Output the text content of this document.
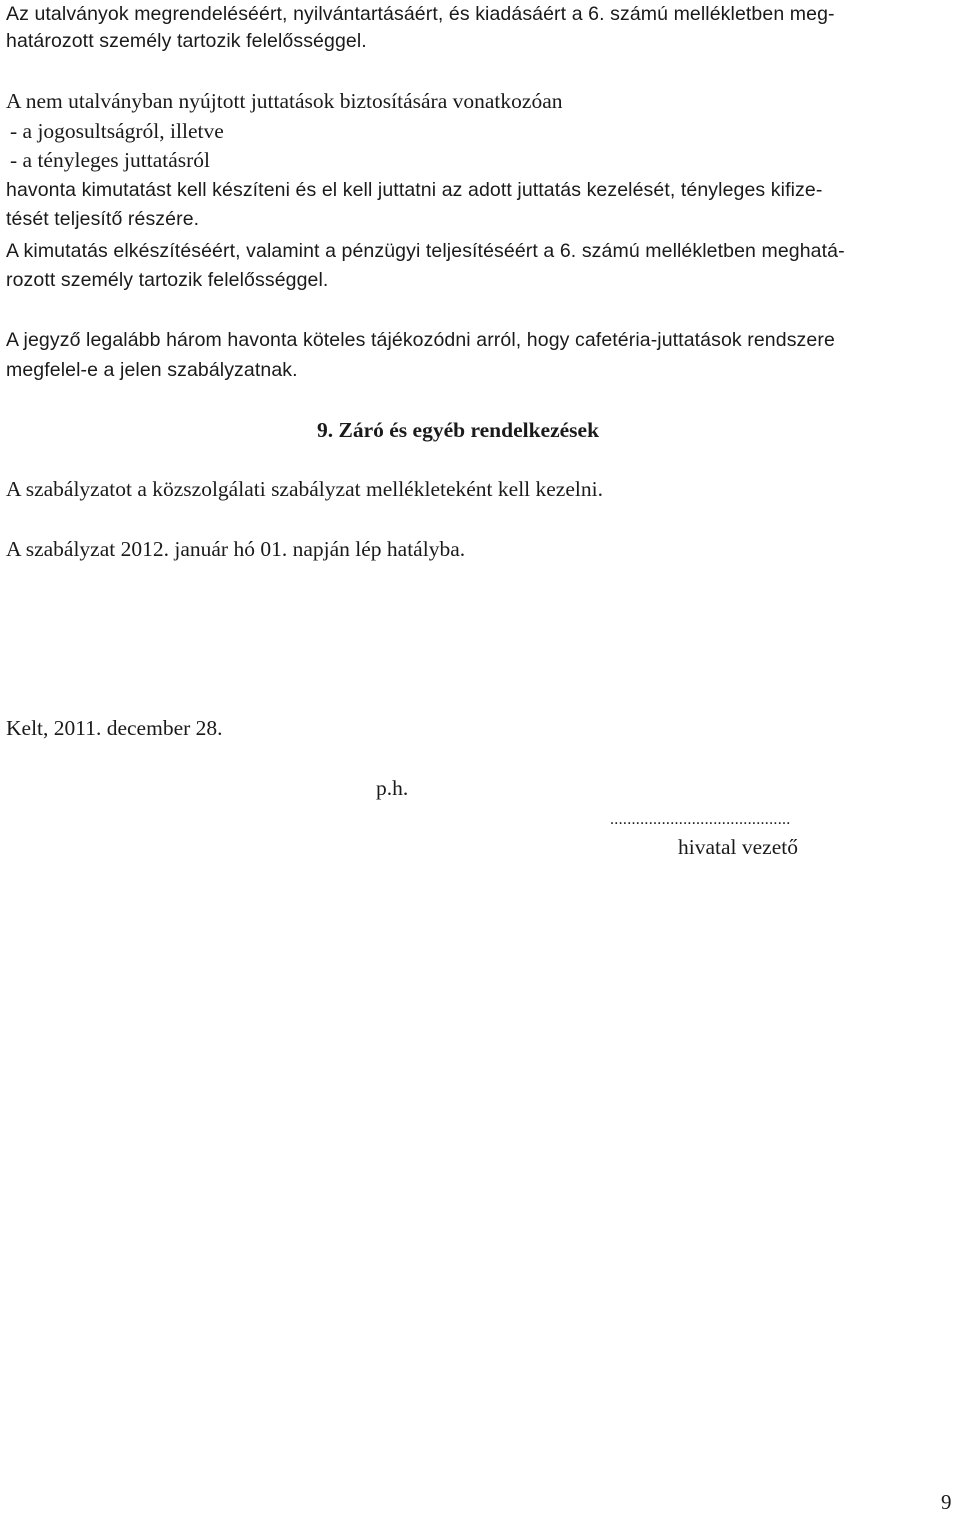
Az utalványok megrendeléséért, nyilvántartásáért, és kiadásáért a 6. számú mellékletben meg-
határozott személy tartozik felelősséggel.
A nem utalványban nyújtott juttatások biztosítására vonatkozóan
- a jogosultságról, illetve
- a tényleges juttatásról
havonta kimutatást kell készíteni és el kell juttatni az adott juttatás kezelését, tényleges kifize-
tését teljesítő részére.
A kimutatás elkészítéséért, valamint a pénzügyi teljesítéséért a 6. számú mellékletben meghatá-
rozott személy tartozik felelősséggel.
A jegyző legalább három havonta köteles tájékozódni arról, hogy cafetéria-juttatások rendszere
megfelel-e a jelen szabályzatnak.
9. Záró és egyéb rendelkezések
A szabályzatot a közszolgálati szabályzat mellékleteként kell kezelni.
A szabályzat 2012. január hó 01. napján lép hatályba.
Kelt, 2011. december 28.
p.h.
..........................................
hivatal vezető
9
